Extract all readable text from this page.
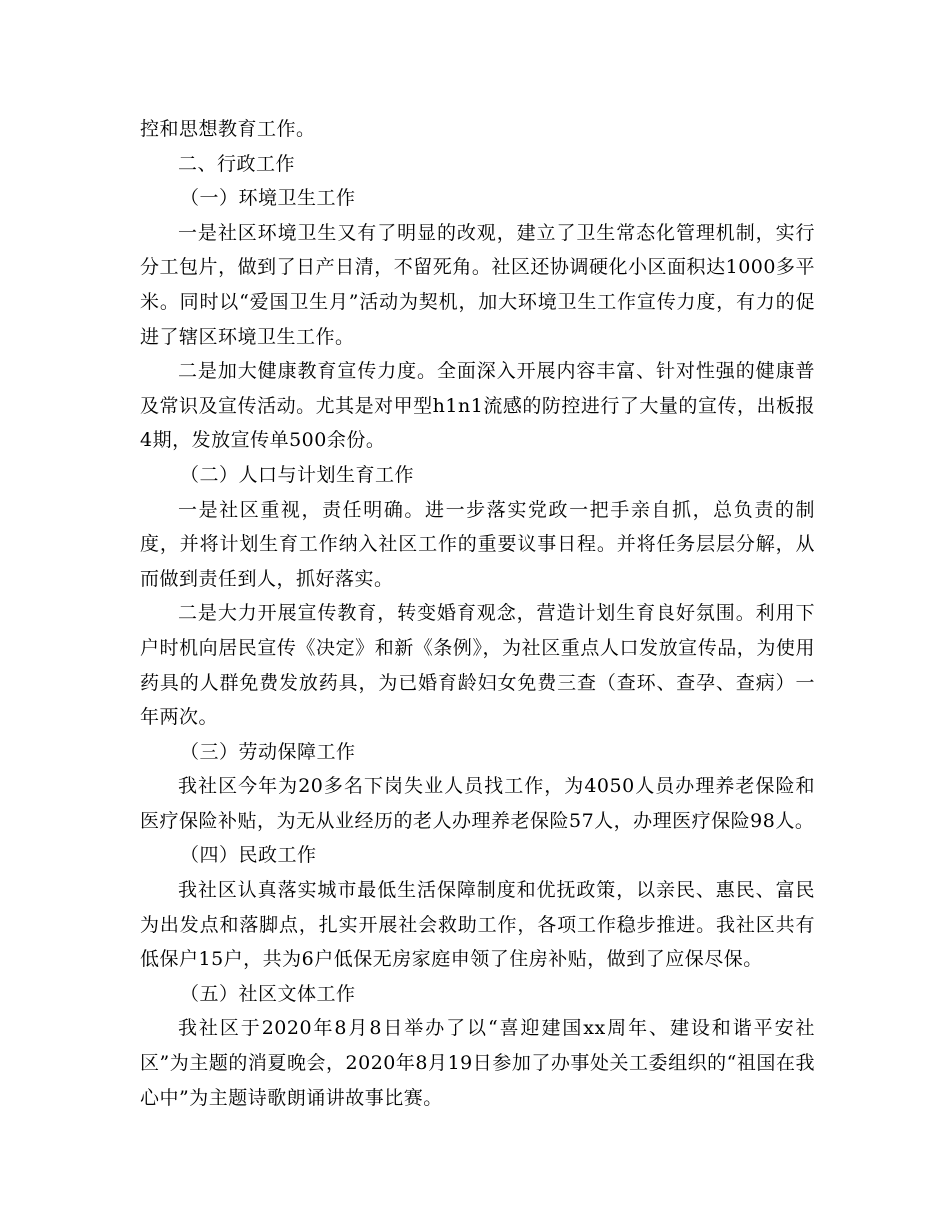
控和思想教育工作。

二、行政工作

（一）环境卫生工作

一是社区环境卫生又有了明显的改观，建立了卫生常态化管理机制，实行分工包片，做到了日产日清，不留死角。社区还协调硬化小区面积达1000多平米。同时以“爱国卫生月”活动为契机，加大环境卫生工作宣传力度，有力的促进了辖区环境卫生工作。

二是加大健康教育宣传力度。全面深入开展内容丰富、针对性强的健康普及常识及宣传活动。尤其是对甲型h1n1流感的防控进行了大量的宣传，出板报4期，发放宣传单500余份。

（二）人口与计划生育工作

一是社区重视，责任明确。进一步落实党政一把手亲自抓，总负责的制度，并将计划生育工作纳入社区工作的重要议事日程。并将任务层层分解，从而做到责任到人，抓好落实。

二是大力开展宣传教育，转变婚育观念，营造计划生育良好氛围。利用下户时机向居民宣传《决定》和新《条例》，为社区重点人口发放宣传品，为使用药具的人群免费发放药具，为已婚育龄妇女免费三查（查环、查孕、查病）一年两次。

（三）劳动保障工作

我社区今年为20多名下岗失业人员找工作，为4050人员办理养老保险和医疗保险补贴，为无从业经历的老人办理养老保险57人，办理医疗保险98人。

（四）民政工作

我社区认真落实城市最低生活保障制度和优抚政策，以亲民、惠民、富民为出发点和落脚点，扎实开展社会救助工作，各项工作稳步推进。我社区共有低保户15户，共为6户低保无房家庭申领了住房补贴，做到了应保尽保。

（五）社区文体工作

我社区于2020年8月8日举办了以“喜迎建国xx周年、建设和谐平安社区”为主题的消夏晚会，2020年8月19日参加了办事处关工委组织的“祖国在我心中”为主题诗歌朗诵讲故事比赛。
